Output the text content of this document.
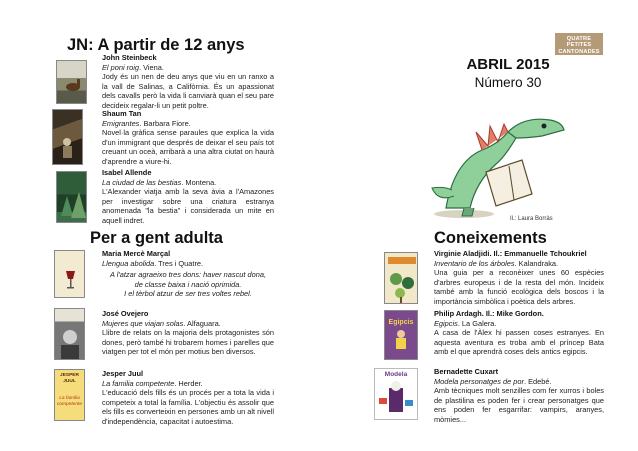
JN: A partir de 12 anys
John Steinbeck
El poni roig. Viena.
Jody és un nen de deu anys que viu en un ranxo a la vall de Salinas, a Califòrnia. És un apassionat dels cavalls però la vida li canviarà quan el seu pare decideix regalar-li un petit poltre.
Shaum Tan
Emigrantes. Barbara Fiore.
Novel·la gràfica sense paraules que explica la vida d'un immigrant que després de deixar el seu país tot creuant un oceà, arribarà a una altra ciutat on haurà d'aprendre a viure-hi.
Isabel Allende
La ciudad de las bestias. Montena.
L'Alexander viatja amb la seva àvia a l'Amazones per investigar sobre una criatura estranya anomenada "la bestia" i considerada un mite en aquell indret.
Per a gent adulta
Maria Mercè Marçal
Llengua abolida. Tres i Quatre.
A l'atzar agraeixo tres dons: haver nascut dona,
de classe baixa i nació oprimida.
I el tèrbol atzur de ser tres voltes rebel.
José Ovejero
Mujeres que viajan solas. Alfaguara.
Llibre de relats on la majoria dels protagonistes són dones, però també hi trobarem homes i parelles que viatgen per tot el món per motius ben diversos.
JESPER JUUL
La familia competente
Jesper Juul
La familia competente. Herder.
L'educació dels fills és un procés per a tota la vida i competeix a total la família. L'objectiu és assolir que els fills es converteixin en persones amb un alt nivell d'independència, capacitat i autoestima.
QUATRE PETITES
CANTONADES
ABRIL 2015
Número 30
Il.: Laura Borràs
Coneixements
Virginie Aladjidi. Il.: Emmanuelle Tchoukriel
Inventario de los árboles. Kalandraka.
Una guia per a reconèixer unes 60 espècies d'arbres europeus i de la resta del món. Incideix també amb la funció ecològica dels boscos i la importància simbòlica i poètica dels arbres.
Egipcis
Philip Ardagh. Il.: Mike Gordon.
Egipcis. La Galera.
A casa de l'Àlex hi passen coses estranyes. En aquesta aventura es troba amb el príncep Bata amb el que aprendrà coses dels antics egipcis.
Modela	Bernadette Cuxart
Modela personatges de por. Edebé.
Amb tècniques molt senzilles com fer xurros i boles de plastilina es poden fer i crear personatges que ens poden fer esgarrifar: vampirs, aranyes, mòmies...
